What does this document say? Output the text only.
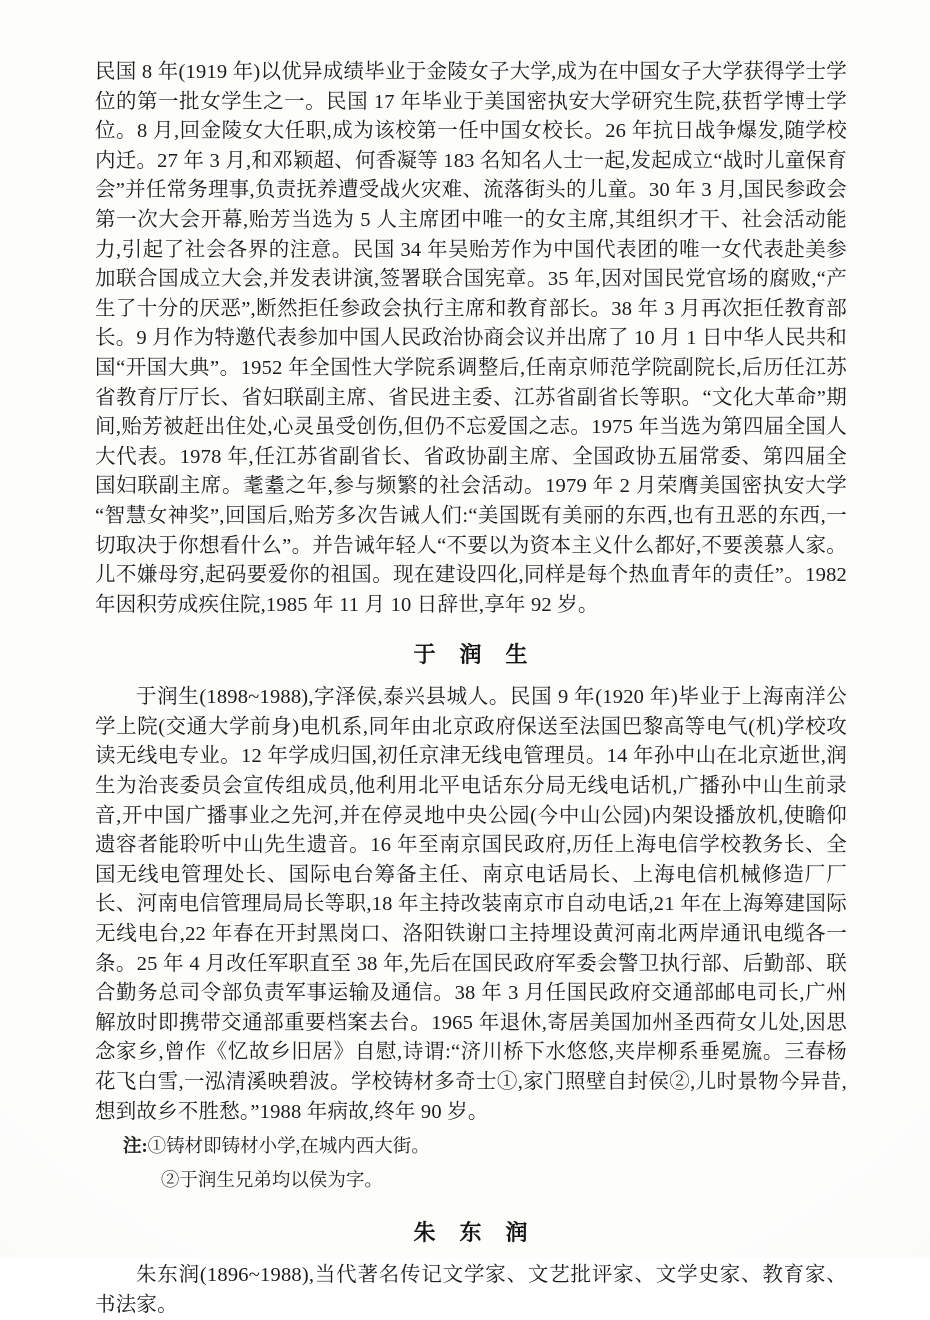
民国 8 年(1919 年)以优异成绩毕业于金陵女子大学,成为在中国女子大学获得学士学位的第一批女学生之一。民国 17 年毕业于美国密执安大学研究生院,获哲学博士学位。8 月,回金陵女大任职,成为该校第一任中国女校长。26 年抗日战争爆发,随学校内迁。27 年 3 月,和邓颖超、何香凝等 183 名知名人士一起,发起成立“战时儿童保育会”并任常务理事,负责抚养遭受战火灾难、流落街头的儿童。30 年 3 月,国民参政会第一次大会开幕,贻芳当选为 5 人主席团中唯一的女主席,其组织才干、社会活动能力,引起了社会各界的注意。民国 34 年吴贻芳作为中国代表团的唯一女代表赴美参加联合国成立大会,并发表讲演,签署联合国宪章。35 年,因对国民党官场的腐败,“产生了十分的厌恶”,断然拒任参政会执行主席和教育部长。38 年 3 月再次拒任教育部长。9 月作为特邀代表参加中国人民政治协商会议并出席了 10 月 1 日中华人民共和国“开国大典”。1952 年全国性大学院系调整后,任南京师范学院副院长,后历任江苏省教育厅厅长、省妇联副主席、省民进主委、江苏省副省长等职。“文化大革命”期间,贻芳被赶出住处,心灵虽受创伤,但仍不忘爱国之志。1975 年当选为第四届全国人大代表。1978 年,任江苏省副省长、省政协副主席、全国政协五届常委、第四届全国妇联副主席。耄耋之年,参与频繁的社会活动。1979 年 2 月荣膺美国密执安大学“智慧女神奖”,回国后,贻芳多次告诫人们:“美国既有美丽的东西,也有丑恶的东西,一切取决于你想看什么”。并告诫年轻人“不要以为资本主义什么都好,不要羡慕人家。儿不嫌母穷,起码要爱你的祖国。现在建设四化,同样是每个热血青年的责任”。1982 年因积劳成疾住院,1985 年 11 月 10 日辞世,享年 92 岁。

于　润　生

于润生(1898~1988),字泽侯,泰兴县城人。民国 9 年(1920 年)毕业于上海南洋公学上院(交通大学前身)电机系,同年由北京政府保送至法国巴黎高等电气(机)学校攻读无线电专业。12 年学成归国,初任京津无线电管理员。14 年孙中山在北京逝世,润生为治丧委员会宣传组成员,他利用北平电话东分局无线电话机,广播孙中山生前录音,开中国广播事业之先河,并在停灵地中央公园(今中山公园)内架设播放机,使瞻仰遗容者能聆听中山先生遗音。16 年至南京国民政府,历任上海电信学校教务长、全国无线电管理处长、国际电台筹备主任、南京电话局长、上海电信机械修造厂厂长、河南电信管理局局长等职,18 年主持改装南京市自动电话,21 年在上海筹建国际无线电台,22 年春在开封黑岗口、洛阳铁谢口主持埋设黄河南北两岸通讯电缆各一条。25 年 4 月改任军职直至 38 年,先后在国民政府军委会警卫执行部、后勤部、联合勤务总司令部负责军事运输及通信。38 年 3 月任国民政府交通部邮电司长,广州解放时即携带交通部重要档案去台。1965 年退休,寄居美国加州圣西荷女儿处,因思念家乡,曾作《忆故乡旧居》自慰,诗谓:“济川桥下水悠悠,夹岸柳系垂冕旒。三春杨花飞白雪,一泓清溪映碧波。学校铸材多奇士①,家门照壁自封侯②,儿时景物今异昔,想到故乡不胜愁。”1988 年病故,终年 90 岁。

注:①铸材即铸材小学,在城内西大街。
②于润生兄弟均以侯为字。
朱　东　润

朱东润(1896~1988),当代著名传记文学家、文艺批评家、文学史家、教育家、书法家。
